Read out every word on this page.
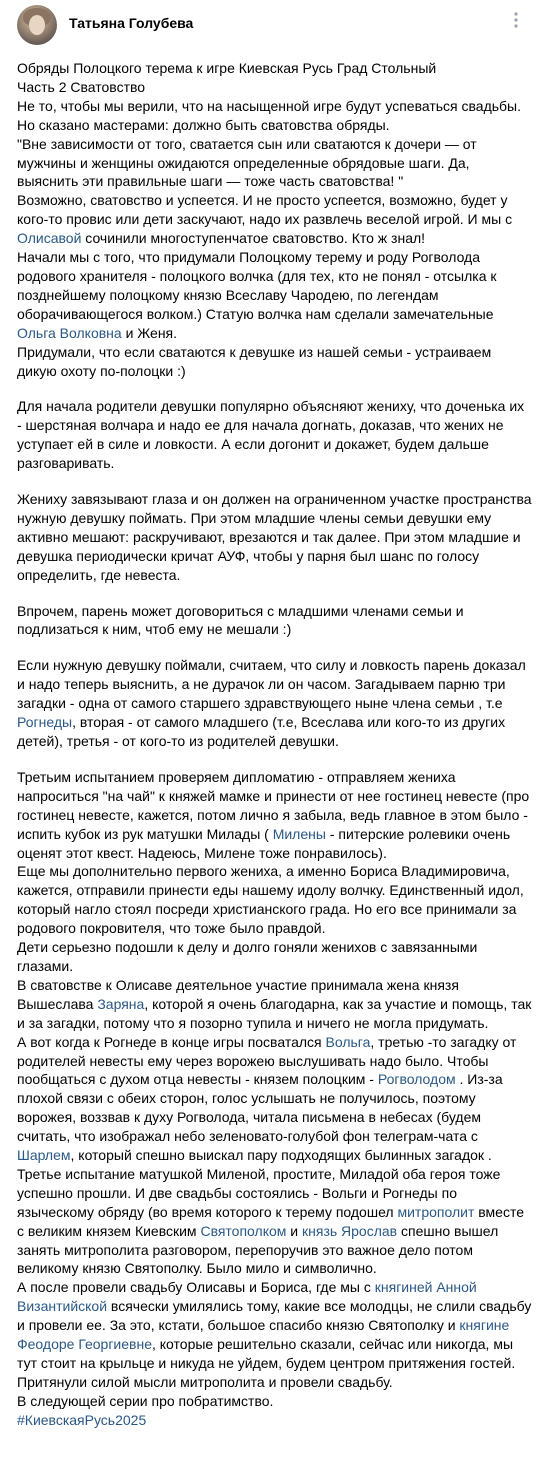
Татьяна Голубева

Обряды Полоцкого терема к игре Киевская Русь Град Стольный

Часть 2 Сватовство

Не то, чтобы мы верили, что на насыщенной игре будут успеваться свадьбы.

Но сказано мастерами: должно быть сватовства обряды.

"Вне зависимости от того, сватается сын или сватаются к дочери — от мужчины и женщины ожидаются определенные обрядовые шаги. Да, выяснить эти правильные шаги — тоже часть сватовства! "

Возможно, сватовство и успеется. И не просто успеется, возможно, будет у кого-то провис или дети заскучают, надо их развлечь веселой игрой. И мы с Олисавой сочинили многоступенчатое сватовство. Кто ж знал!

Начали мы с того, что придумали Полоцкому терему и роду Рогволода родового хранителя - полоцкого волчка (для тех, кто не понял - отсылка к позднейшему полоцкому князю Всеславу Чародею, по легендам оборачивающегося волком.) Статую волчка нам сделали замечательные Ольга Волковна и Женя.

Придумали, что если сватаются к девушке из нашей семьи - устраиваем дикую охоту по-полоцки :)

Для начала родители девушки популярно объясняют жениху, что доченька их - шерстяная волчара и надо ее для начала догнать, доказав, что жених не уступает ей в силе и ловкости. А если догонит и докажет, будем дальше разговаривать.

Жениху завязывают глаза и он должен на ограниченном участке пространства нужную девушку поймать. При этом младшие члены семьи девушки ему активно мешают: раскручивают, врезаются и так далее. При этом младшие и девушка периодически кричат АУФ, чтобы у парня был шанс по голосу определить, где невеста.

Впрочем, парень может договориться с младшими членами семьи и подлизаться к ним, чтоб ему не мешали :)

Если нужную девушку поймали, считаем, что силу и ловкость парень доказал и надо теперь выяснить, а не дурачок ли он часом. Загадываем парню три загадки - одна от самого старшего здравствующего ныне члена семьи , т.е Рогнеды, вторая - от самого младшего (т.е, Всеслава или кого-то из других детей), третья - от кого-то из родителей девушки.

Третьим испытанием проверяем дипломатию - отправляем жениха напроситься "на чай" к княжей мамке и принести от нее гостинец невесте (про гостинец невесте, кажется, потом лично я забыла, ведь главное в этом было - испить кубок из рук матушки Милады ( Милены - питерские ролевики очень оценят этот квест. Надеюсь, Милене тоже понравилось).

Еще мы дополнительно первого жениха, а именно Бориса Владимировича, кажется, отправили принести еды нашему идолу волчку. Единственный идол, который нагло стоял посреди христианского града. Но его все принимали за родового покровителя, что тоже было правдой.

Дети серьезно подошли к делу и долго гоняли женихов с завязанными глазами.

В сватовстве к Олисаве деятельное участие принимала жена князя Вышеслава Заряна, которой я очень благодарна, как за участие и помощь, так и за загадки, потому что я позорно тупила и ничего не могла придумать.

А вот когда к Рогнеде в конце игры посватался Вольга, третью -то загадку от родителей невесты ему через ворожею выслушивать надо было. Чтобы пообщаться с духом отца невесты - князем полоцким - Рогволодом . Из-за плохой связи с обеих сторон, голос услышать не получилось, поэтому ворожея, воззвав к духу Рогволода, читала письмена в небесах (будем считать, что изображал небо зеленовато-голубой фон телеграм-чата с Шарлем, который спешно выискал пару подходящих былинных загадок .

Третье испытание матушкой Миленой, простите, Миладой оба героя тоже успешно прошли. И две свадьбы состоялись - Вольги и Рогнеды по языческому обряду (во время которого к терему подошел митрополит вместе с великим князем Киевским Святополком и князь Ярослав спешно вышел занять митрополита разговором, перепоручив это важное дело потом великому князю Святополку. Было мило и символично.

А после провели свадьбу Олисавы и Бориса, где мы с княгиней Анной Византийской всячески умилялись тому, какие все молодцы, не слили свадьбу и провели ее. За это, кстати, большое спасибо князю Святополку и княгине Феодоре Георгиевне, которые решительно сказали, сейчас или никогда, мы тут стоит на крыльце и никуда не уйдем, будем центром притяжения гостей.

Притянули силой мысли митрополита и провели свадьбу.

В следующей серии про побратимство.

#КиевскаяРусь2025
